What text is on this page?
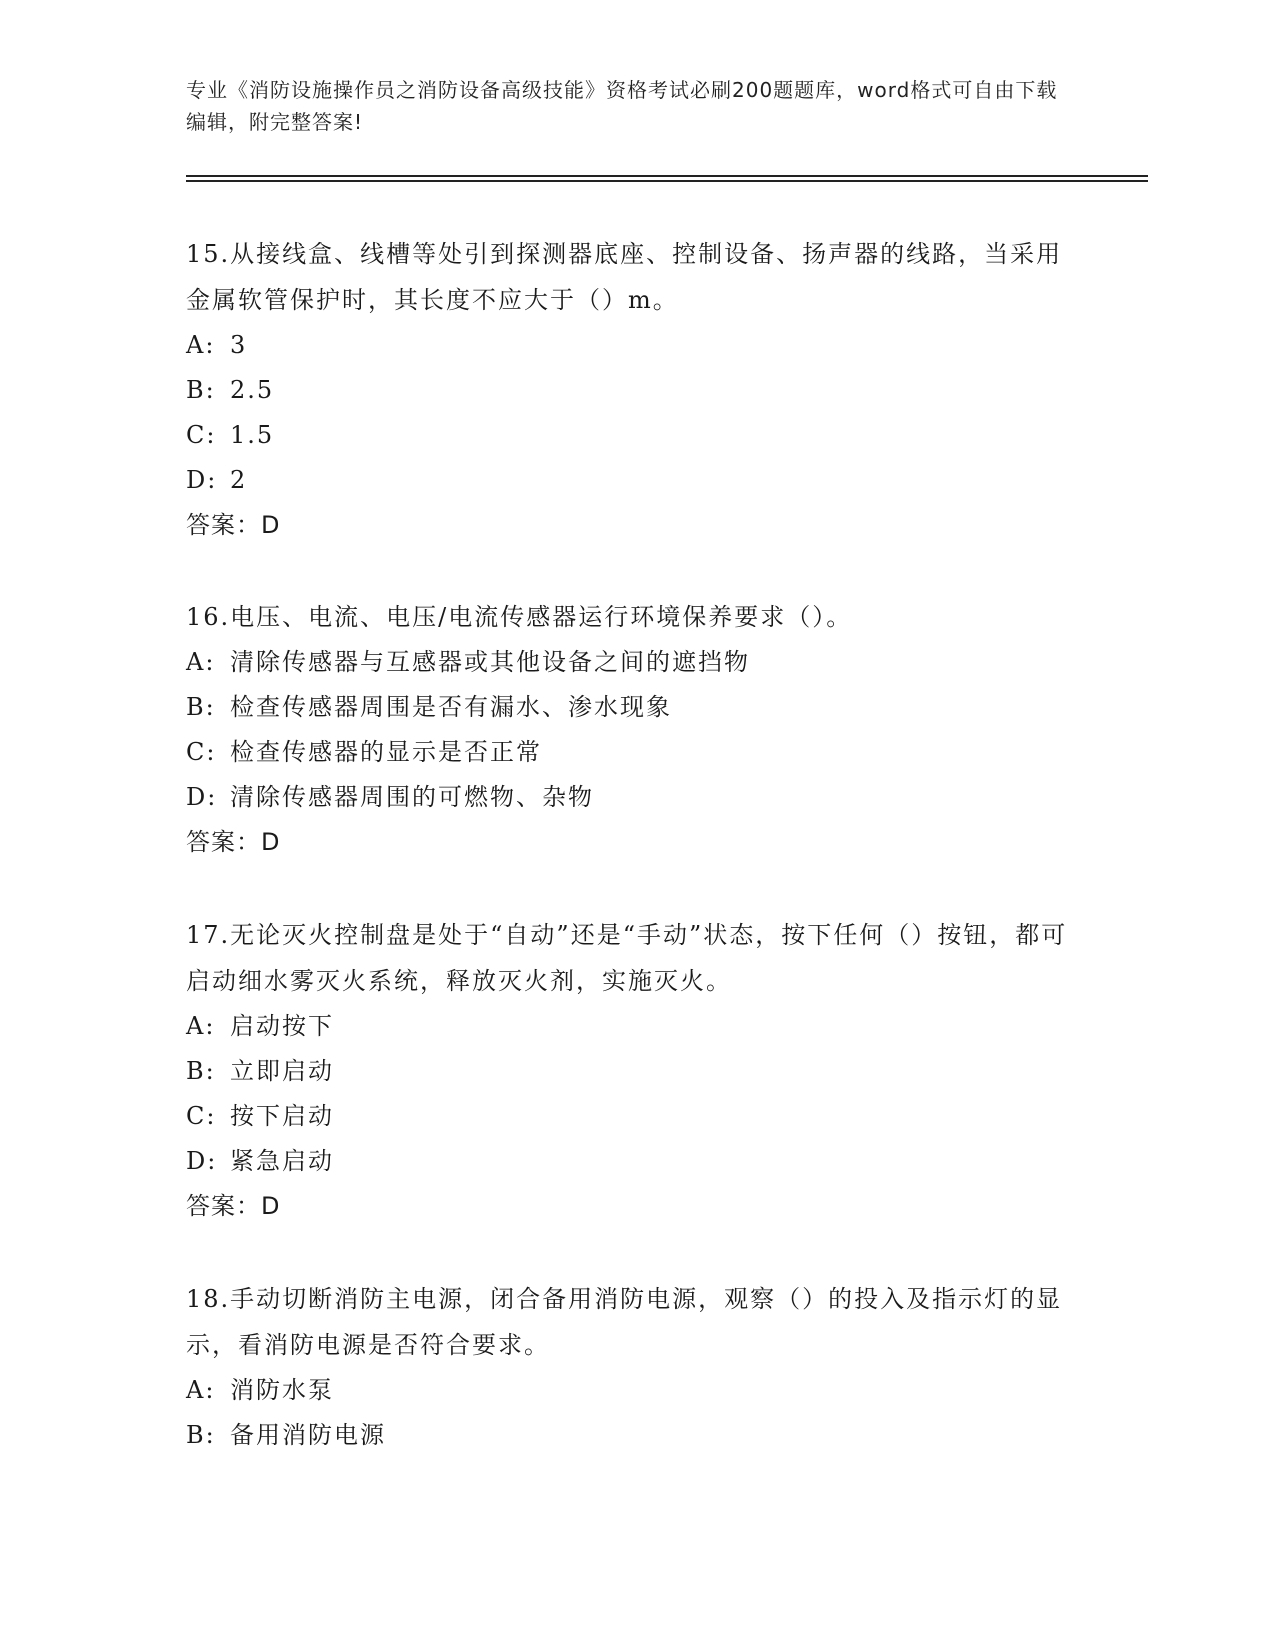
专业《消防设施操作员之消防设备高级技能》资格考试必刷200题题库，word格式可自由下载编辑，附完整答案!
15.从接线盒、线槽等处引到探测器底座、控制设备、扬声器的线路，当采用金属软管保护时，其长度不应大于（）m。
A: 3
B: 2.5
C: 1.5
D: 2
答案：D
16.电压、电流、电压/电流传感器运行环境保养要求（）。
A: 清除传感器与互感器或其他设备之间的遮挡物
B: 检查传感器周围是否有漏水、渗水现象
C: 检查传感器的显示是否正常
D: 清除传感器周围的可燃物、杂物
答案：D
17.无论灭火控制盘是处于“自动”还是“手动”状态，按下任何（）按钮，都可启动细水雾灭火系统，释放灭火剂，实施灭火。
A: 启动按下
B: 立即启动
C: 按下启动
D: 紧急启动
答案：D
18.手动切断消防主电源，闭合备用消防电源，观察（）的投入及指示灯的显示，看消防电源是否符合要求。
A: 消防水泵
B: 备用消防电源
